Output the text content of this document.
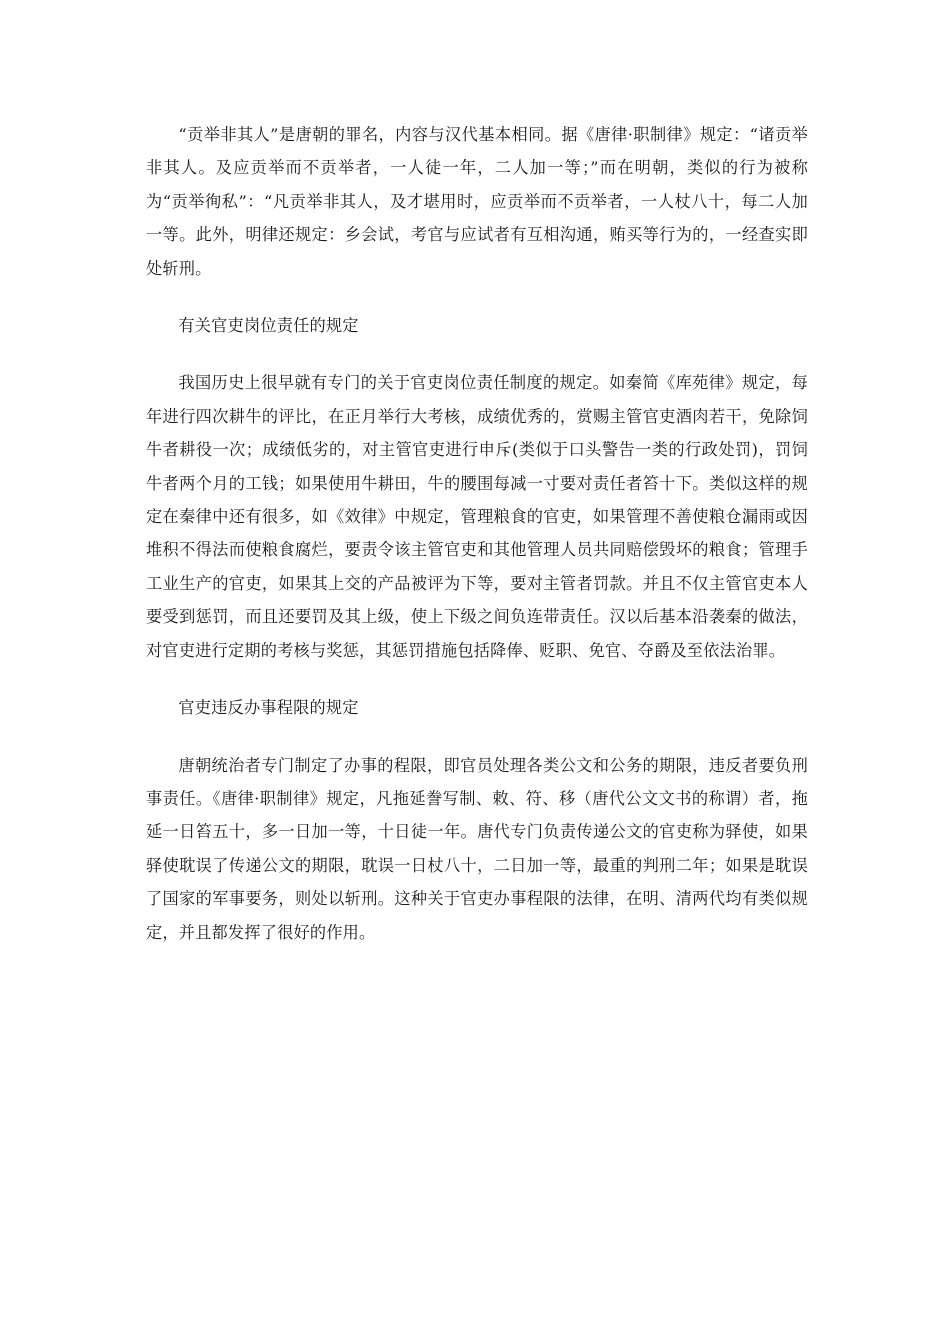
“贡举非其人”是唐朝的罪名，内容与汉代基本相同。据《唐律·职制律》规定：“诸贡举非其人。及应贡举而不贡举者，一人徒一年，二人加一等；”而在明朝，类似的行为被称为“贡举徇私”：“凡贡举非其人，及才堪用时，应贡举而不贡举者，一人杖八十，每二人加一等。此外，明律还规定：乡会试，考官与应试者有互相沟通，贿买等行为的，一经查实即处斩刑。

有关官吏岗位责任的规定

我国历史上很早就有专门的关于官吏岗位责任制度的规定。如秦简《库苑律》规定，每年进行四次耕牛的评比，在正月举行大考核，成绩优秀的，赏赐主管官吏酒肉若干，免除饲牛者耕役一次；成绩低劣的，对主管官吏进行申斥(类似于口头警告一类的行政处罚)，罚饲牛者两个月的工钱；如果使用牛耕田，牛的腰围每减一寸要对责任者笞十下。类似这样的规定在秦律中还有很多，如《效律》中规定，管理粮食的官吏，如果管理不善使粮仓漏雨或因堆积不得法而使粮食腐烂，要责令该主管官吏和其他管理人员共同赔偿毁坏的粮食；管理手工业生产的官吏，如果其上交的产品被评为下等，要对主管者罚款。并且不仅主管官吏本人要受到惩罚，而且还要罚及其上级，使上下级之间负连带责任。汉以后基本沿袭秦的做法，对官吏进行定期的考核与奖惩，其惩罚措施包括降俸、贬职、免官、夺爵及至依法治罪。

官吏违反办事程限的规定

唐朝统治者专门制定了办事的程限，即官员处理各类公文和公务的期限，违反者要负刑事责任。《唐律·职制律》规定，凡拖延誊写制、敕、符、移（唐代公文文书的称谓）者，拖延一日笞五十，多一日加一等，十日徒一年。唐代专门负责传递公文的官吏称为驿使，如果驿使耽误了传递公文的期限，耽误一日杖八十，二日加一等，最重的判刑二年；如果是耽误了国家的军事要务，则处以斩刑。这种关于官吏办事程限的法律，在明、清两代均有类似规定，并且都发挥了很好的作用。
